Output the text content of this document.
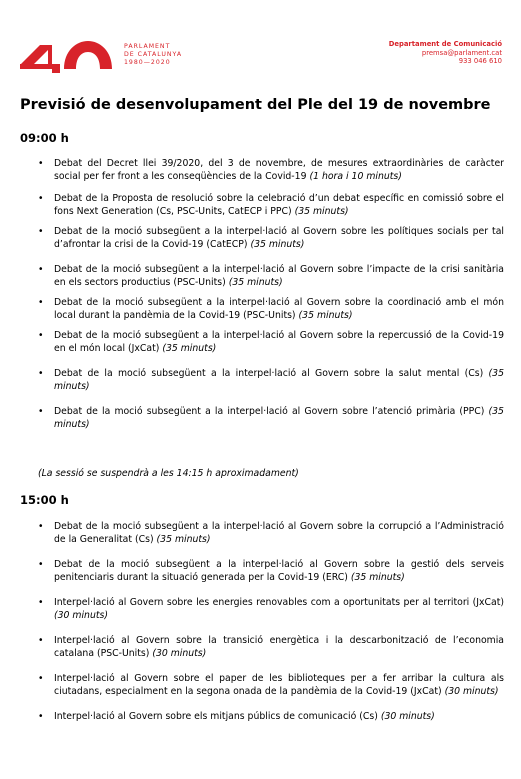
PARLAMENT
DE CATALUNYA
1980—2020
Departament de Comunicació
premsa@parlament.cat
933 046 610
Previsió de desenvolupament del Ple del 19 de novembre
09:00 h
• Debat del Decret llei 39/2020, del 3 de novembre, de mesures extraordinàries de caràcter social per fer front a les conseqüències de la Covid-19 (1 hora i 10 minuts)
• Debat de la Proposta de resolució sobre la celebració d’un debat específic en comissió sobre el fons Next Generation (Cs, PSC-Units, CatECP i PPC) (35 minuts)
• Debat de la moció subsegüent a la interpel·lació al Govern sobre les polítiques socials per tal d’afrontar la crisi de la Covid-19 (CatECP) (35 minuts)
• Debat de la moció subsegüent a la interpel·lació al Govern sobre l’impacte de la crisi sanitària en els sectors productius (PSC-Units) (35 minuts)
• Debat de la moció subsegüent a la interpel·lació al Govern sobre la coordinació amb el món local durant la pandèmia de la Covid-19 (PSC-Units) (35 minuts)
• Debat de la moció subsegüent a la interpel·lació al Govern sobre la repercussió de la Covid-19 en el món local (JxCat) (35 minuts)
• Debat de la moció subsegüent a la interpel·lació al Govern sobre la salut mental (Cs) (35 minuts)
• Debat de la moció subsegüent a la interpel·lació al Govern sobre l’atenció primària (PPC) (35 minuts)
(La sessió se suspendrà a les 14:15 h aproximadament)
15:00 h
• Debat de la moció subsegüent a la interpel·lació al Govern sobre la corrupció a l’Administració de la Generalitat (Cs) (35 minuts)
• Debat de la moció subsegüent a la interpel·lació al Govern sobre la gestió dels serveis penitenciaris durant la situació generada per la Covid-19 (ERC) (35 minuts)
• Interpel·lació al Govern sobre les energies renovables com a oportunitats per al territori (JxCat) (30 minuts)
• Interpel·lació al Govern sobre la transició energètica i la descarbonització de l’economia catalana (PSC-Units) (30 minuts)
• Interpel·lació al Govern sobre el paper de les biblioteques per a fer arribar la cultura als ciutadans, especialment en la segona onada de la pandèmia de la Covid-19 (JxCat) (30 minuts)
• Interpel·lació al Govern sobre els mitjans públics de comunicació (Cs) (30 minuts)
